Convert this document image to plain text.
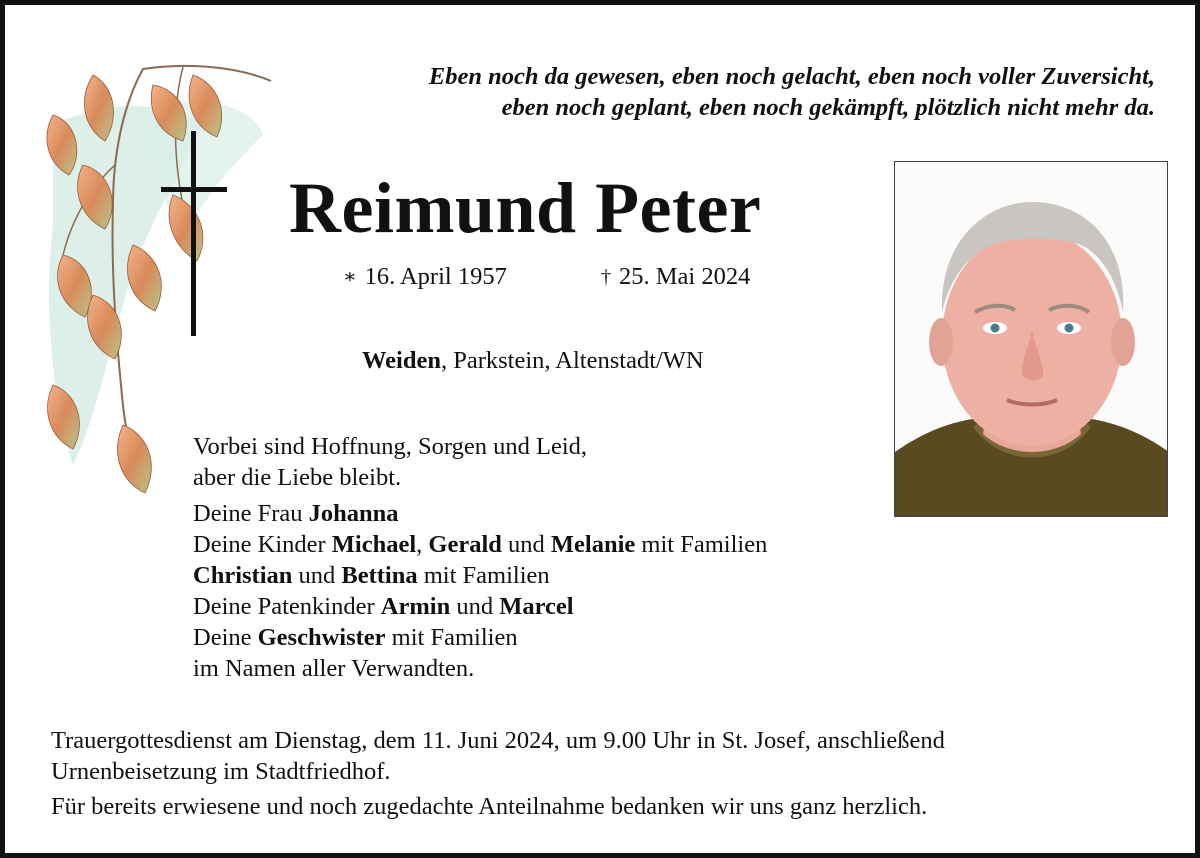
Eben noch da gewesen, eben noch gelacht, eben noch voller Zuversicht,
eben noch geplant, eben noch gekämpft, plötzlich nicht mehr da.
Reimund Peter
∗ 16. April 1957	† 25. Mai 2024
Weiden, Parkstein, Altenstadt/WN
Vorbei sind Hoffnung, Sorgen und Leid,
aber die Liebe bleibt.
Deine Frau Johanna
Deine Kinder Michael, Gerald und Melanie mit Familien
Christian und Bettina mit Familien
Deine Patenkinder Armin und Marcel
Deine Geschwister mit Familien
im Namen aller Verwandten.
Trauergottesdienst am Dienstag, dem 11. Juni 2024, um 9.00 Uhr in St. Josef, anschließend
Urnenbeisetzung im Stadtfriedhof.
Für bereits erwiesene und noch zugedachte Anteilnahme bedanken wir uns ganz herzlich.
